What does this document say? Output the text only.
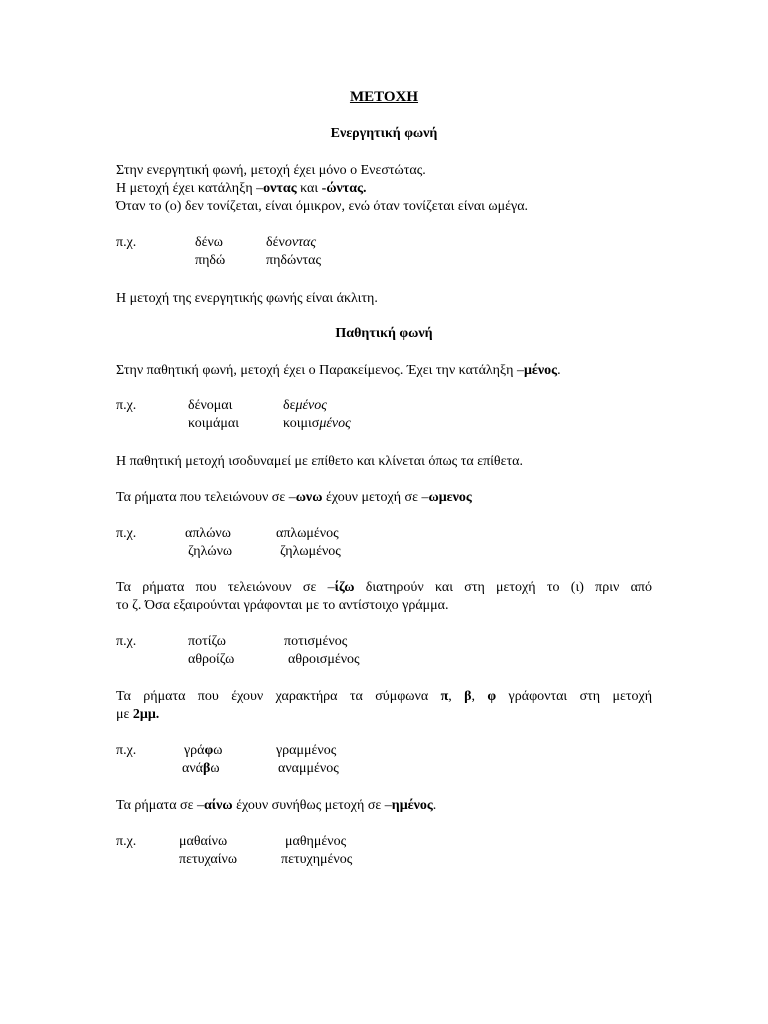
ΜΕΤΟΧΗ

Ενεργητική φωνή

Στην ενεργητική φωνή, μετοχή έχει μόνο ο Ενεστώτας.

Η μετοχή έχει κατάληξη –οντας και -ώντας.

Όταν το (ο) δεν τονίζεται, είναι όμικρον, ενώ όταν τονίζεται είναι ωμέγα.

π.χ.	δένω	δένοντας
πηδώ	πηδώντας

Η μετοχή της ενεργητικής φωνής είναι άκλιτη.

Παθητική φωνή

Στην παθητική φωνή, μετοχή έχει ο Παρακείμενος. Έχει την κατάληξη –μένος.

π.χ.	δένομαι	δεμένος
κοιμάμαι	κοιμισμένος

Η παθητική μετοχή ισοδυναμεί με επίθετο και κλίνεται όπως τα επίθετα.

Τα ρήματα που τελειώνουν σε –ωνω έχουν μετοχή σε –ωμενος

π.χ.	απλώνω	απλωμένος
ζηλώνω	ζηλωμένος

Τα ρήματα που τελειώνουν σε –ίζω διατηρούν και στη μετοχή το (ι) πριν από

το ζ. Όσα εξαιρούνται γράφονται με το αντίστοιχο γράμμα.

π.χ.	ποτίζω	ποτισμένος
αθροίζω	αθροισμένος

Τα ρήματα που έχουν χαρακτήρα τα σύμφωνα π, β, φ γράφονται στη μετοχή

με 2μμ.

π.χ.	γράφω	γραμμένος
ανάβω	αναμμένος

Τα ρήματα σε –αίνω έχουν συνήθως μετοχή σε –ημένος.

π.χ.	μαθαίνω	μαθημένος
πετυχαίνω	πετυχημένος
